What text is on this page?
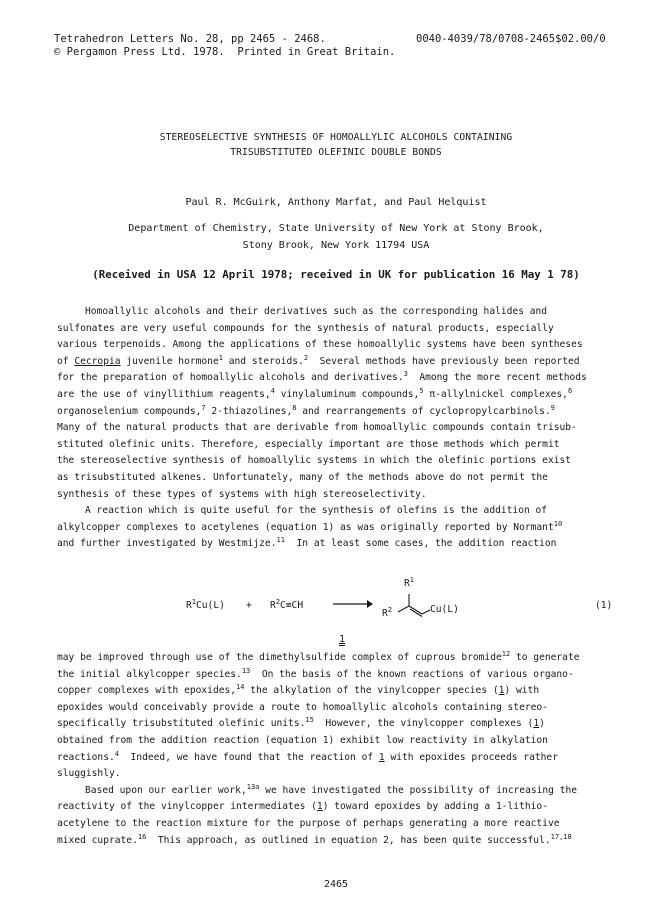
Tetrahedron Letters No. 28, pp 2465 - 2468.
© Pergamon Press Ltd. 1978.  Printed in Great Britain.
0040-4039/78/0708-2465$02.00/0
STEREOSELECTIVE SYNTHESIS OF HOMOALLYLIC ALCOHOLS CONTAINING
TRISUBSTITUTED OLEFINIC DOUBLE BONDS
Paul R. McGuirk, Anthony Marfat, and Paul Helquist
Department of Chemistry, State University of New York at Stony Brook,
Stony Brook, New York 11794 USA
(Received in USA 12 April 1978; received in UK for publication 16 May 1 78)
Homoallylic alcohols and their derivatives such as the corresponding halides and
sulfonates are very useful compounds for the synthesis of natural products, especially
various terpenoids. Among the applications of these homoallylic systems have been syntheses
of Cecropia juvenile hormone$^1$ and steroids.$^2$  Several methods have previously been reported
for the preparation of homoallylic alcohols and derivatives.$^3$  Among the more recent methods
are the use of vinyllithium reagents,$^4$ vinylaluminum compounds,$^5$ π-allylnickel complexes,$^6$
organoselenium compounds,$^7$ 2-thiazolines,$^8$ and rearrangements of cyclopropylcarbinols.$^9$
Many of the natural products that are derivable from homoallylic compounds contain trisub-
stituted olefinic units. Therefore, especially important are those methods which permit
the stereoselective synthesis of homoallylic systems in which the olefinic portions exist
as trisubstituted alkenes. Unfortunately, many of the methods above do not permit the
synthesis of these types of systems with high stereoselectivity.
A reaction which is quite useful for the synthesis of olefins is the addition of
alkylcopper complexes to acetylenes (equation 1) as was originally reported by Normant$^{10}$
and further investigated by Westmijze.$^{11}$  In at least some cases, the addition reaction
$R^1Cu(L) + R^2C\equiv CH$
$R^1$
$R^2$	Cu(L)	(1)
1
may be improved through use of the dimethylsulfide complex of cuprous bromide$^{12}$ to generate
the initial alkylcopper species.$^{13}$  On the basis of the known reactions of various organo-
copper complexes with epoxides,$^{14}$ the alkylation of the vinylcopper species (1) with
epoxides would conceivably provide a route to homoallylic alcohols containing stereo-
specifically trisubstituted olefinic units.$^{15}$  However, the vinylcopper complexes (1)
obtained from the addition reaction (equation 1) exhibit low reactivity in alkylation
reactions.$^4$  Indeed, we have found that the reaction of 1 with epoxides proceeds rather
sluggishly.
Based upon our earlier work,$^{13a}$ we have investigated the possibility of increasing the
reactivity of the vinylcopper intermediates (1) toward epoxides by adding a 1-lithio-
acetylene to the reaction mixture for the purpose of perhaps generating a more reactive
mixed cuprate.$^{16}$  This approach, as outlined in equation 2, has been quite successful.$^{17,18}$
2465
